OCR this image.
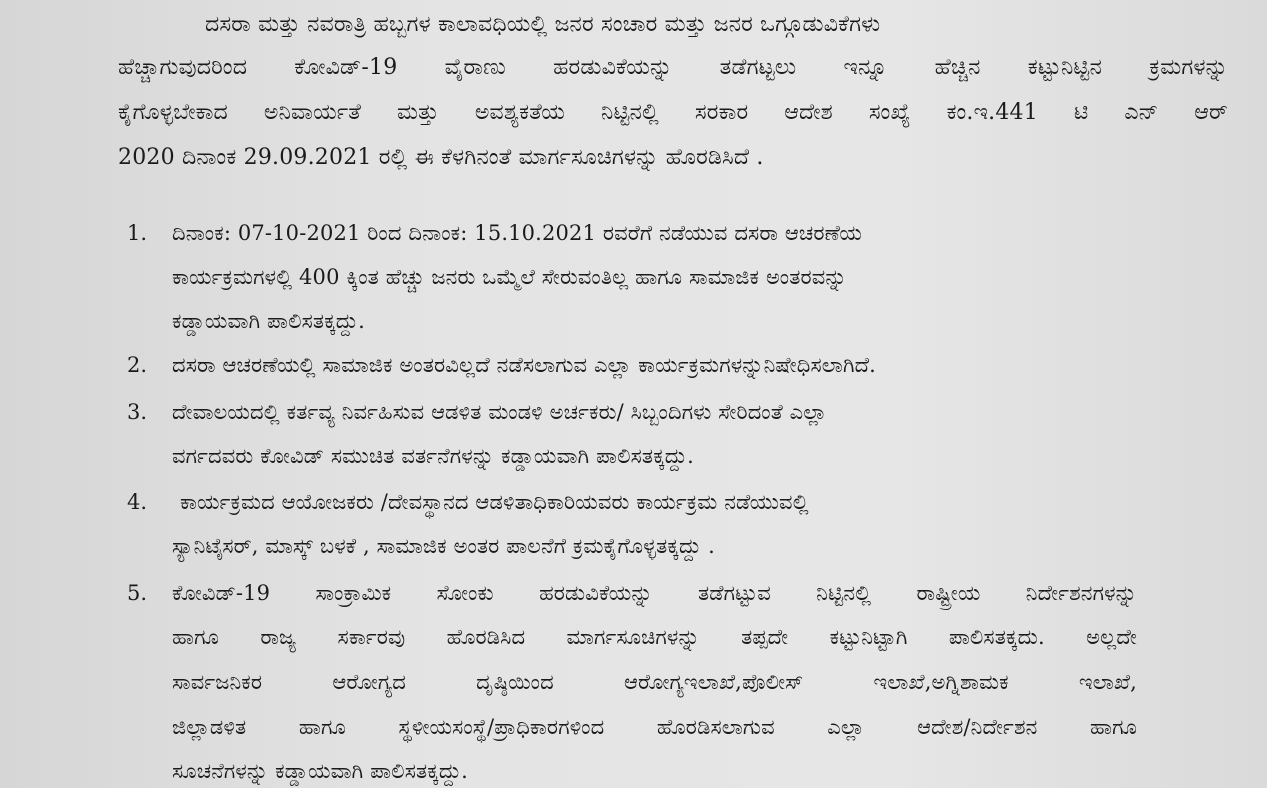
ದಸರಾ ಮತ್ತು ನವರಾತ್ರಿ ಹಬ್ಬಗಳ ಕಾಲಾವಧಿಯಲ್ಲಿ ಜನರ ಸಂಚಾರ ಮತ್ತು ಜನರ ಒಗ್ಗೂಡುವಿಕೆಗಳು
ಹೆಚ್ಚಾಗುವುದರಿಂದ ಕೋವಿಡ್-19 ವೈರಾಣು ಹರಡುವಿಕೆಯನ್ನು ತಡೆಗಟ್ಟಲು ಇನ್ನೂ ಹೆಚ್ಚಿನ ಕಟ್ಟುನಿಟ್ಟಿನ ಕ್ರಮಗಳನ್ನು
ಕೈಗೊಳ್ಳಬೇಕಾದ ಅನಿವಾರ್ಯತೆ ಮತ್ತು ಅವಶ್ಯಕತೆಯ ನಿಟ್ಟಿನಲ್ಲಿ ಸರಕಾರ ಆದೇಶ ಸಂಖ್ಯೆ ಕಂ.ಇ.441 ಟಿ ಎನ್ ಆರ್
2020 ದಿನಾಂಕ 29.09.2021 ರಲ್ಲಿ ಈ ಕೆಳಗಿನಂತೆ ಮಾರ್ಗಸೂಚಿಗಳನ್ನು ಹೊರಡಿಸಿದೆ .
1. ದಿನಾಂಕ: 07-10-2021 ರಿಂದ ದಿನಾಂಕ: 15.10.2021 ರವರೆಗೆ ನಡೆಯುವ ದಸರಾ ಆಚರಣೆಯ
ಕಾರ್ಯಕ್ರಮಗಳಲ್ಲಿ 400 ಕ್ಕಿಂತ ಹೆಚ್ಚು ಜನರು ಒಮ್ಮೆಲೆ ಸೇರುವಂತಿಲ್ಲ ಹಾಗೂ ಸಾಮಾಜಿಕ ಅಂತರವನ್ನು
ಕಡ್ಡಾಯವಾಗಿ ಪಾಲಿಸತಕ್ಕದ್ದು.
2. ದಸರಾ ಆಚರಣೆಯಲ್ಲಿ ಸಾಮಾಜಿಕ ಅಂತರವಿಲ್ಲದೆ ನಡೆಸಲಾಗುವ ಎಲ್ಲಾ ಕಾರ್ಯಕ್ರಮಗಳನ್ನುನಿಷೇಧಿಸಲಾಗಿದೆ.
3. ದೇವಾಲಯದಲ್ಲಿ ಕರ್ತವ್ಯ ನಿರ್ವಹಿಸುವ ಆಡಳಿತ ಮಂಡಳಿ ಅರ್ಚಕರು/ ಸಿಬ್ಬಂದಿಗಳು ಸೇರಿದಂತೆ ಎಲ್ಲಾ
ವರ್ಗದವರು ಕೋವಿಡ್ ಸಮುಚಿತ ವರ್ತನೆಗಳನ್ನು ಕಡ್ಡಾಯವಾಗಿ ಪಾಲಿಸತಕ್ಕದ್ದು.
4. ಕಾರ್ಯಕ್ರಮದ ಆಯೋಜಕರು /ದೇವಸ್ಥಾನದ ಆಡಳಿತಾಧಿಕಾರಿಯವರು ಕಾರ್ಯಕ್ರಮ ನಡೆಯುವಲ್ಲಿ
ಸ್ಯಾನಿಟೈಸರ್, ಮಾಸ್ಕ್ ಬಳಕೆ , ಸಾಮಾಜಿಕ ಅಂತರ ಪಾಲನೆಗೆ ಕ್ರಮಕೈಗೊಳ್ಳತಕ್ಕದ್ದು .
5. ಕೋವಿಡ್-19 ಸಾಂಕ್ರಾಮಿಕ ಸೋಂಕು ಹರಡುವಿಕೆಯನ್ನು ತಡೆಗಟ್ಟುವ ನಿಟ್ಟಿನಲ್ಲಿ ರಾಷ್ಟ್ರೀಯ ನಿರ್ದೇಶನಗಳನ್ನು
ಹಾಗೂ ರಾಜ್ಯ ಸರ್ಕಾರವು ಹೊರಡಿಸಿದ ಮಾರ್ಗಸೂಚಿಗಳನ್ನು ತಪ್ಪದೇ ಕಟ್ಟುನಿಟ್ಟಾಗಿ ಪಾಲಿಸತಕ್ಕದು. ಅಲ್ಲದೇ
ಸಾರ್ವಜನಿಕರ ಆರೋಗ್ಯದ ದೃಷ್ಠಿಯಿಂದ ಆರೋಗ್ಯಇಲಾಖೆ,ಪೊಲೀಸ್ ಇಲಾಖೆ,ಅಗ್ನಿಶಾಮಕ ಇಲಾಖೆ,
ಜಿಲ್ಲಾಡಳಿತ ಹಾಗೂ ಸ್ಥಳೀಯಸಂಸ್ಥೆ/ಪ್ರಾಧಿಕಾರಗಳಿಂದ ಹೊರಡಿಸಲಾಗುವ ಎಲ್ಲಾ ಆದೇಶ/ನಿರ್ದೇಶನ ಹಾಗೂ
ಸೂಚನೆಗಳನ್ನು ಕಡ್ಡಾಯವಾಗಿ ಪಾಲಿಸತಕ್ಕದ್ದು.
